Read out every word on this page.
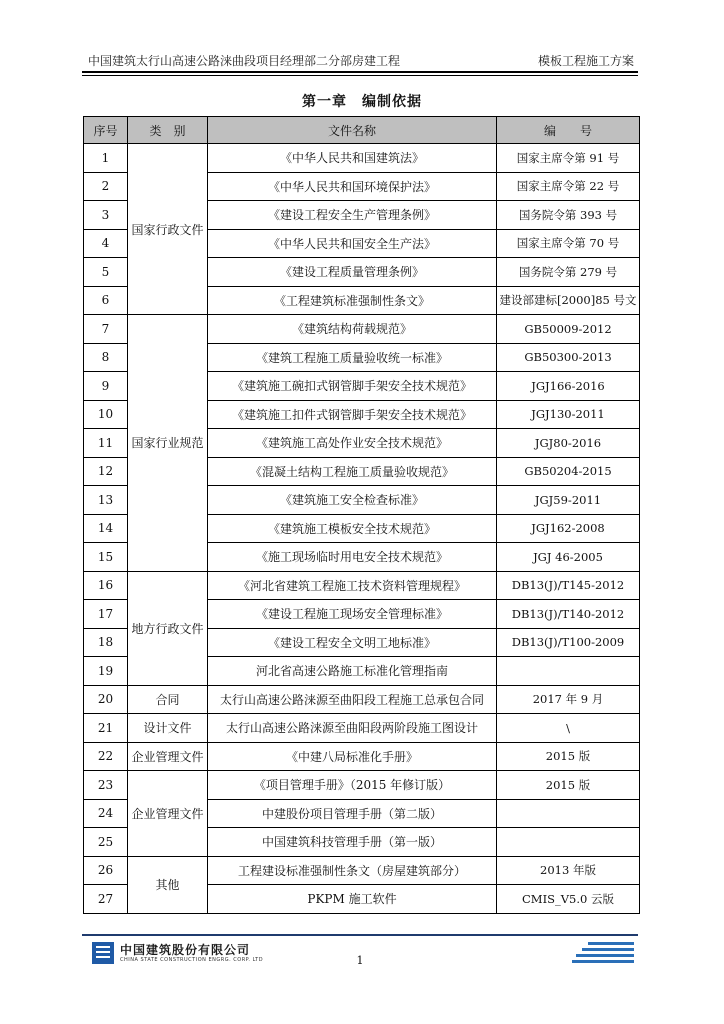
中国建筑太行山高速公路涞曲段项目经理部二分部房建工程	模板工程施工方案
第一章　编制依据
序号	类　别	文件名称	编　　号
1	国家行政文件	《中华人民共和国建筑法》	国家主席令第 91 号
2		《中华人民共和国环境保护法》	国家主席令第 22 号
3		《建设工程安全生产管理条例》	国务院令第 393 号
4		《中华人民共和国安全生产法》	国家主席令第 70 号
5		《建设工程质量管理条例》	国务院令第 279 号
6		《工程建筑标准强制性条文》	建设部建标[2000]85 号文
7	国家行业规范	《建筑结构荷载规范》	GB50009-2012
8		《建筑工程施工质量验收统一标准》	GB50300-2013
9		《建筑施工碗扣式钢管脚手架安全技术规范》	JGJ166-2016
10		《建筑施工扣件式钢管脚手架安全技术规范》	JGJ130-2011
11		《建筑施工高处作业安全技术规范》	JGJ80-2016
12		《混凝土结构工程施工质量验收规范》	GB50204-2015
13		《建筑施工安全检查标准》	JGJ59-2011
14		《建筑施工模板安全技术规范》	JGJ162-2008
15		《施工现场临时用电安全技术规范》	JGJ 46-2005
16	地方行政文件	《河北省建筑工程施工技术资料管理规程》	DB13(J)/T145-2012
17		《建设工程施工现场安全管理标准》	DB13(J)/T140-2012
18		《建设工程安全文明工地标准》	DB13(J)/T100-2009
19		河北省高速公路施工标准化管理指南	
20	合同	太行山高速公路涞源至曲阳段工程施工总承包合同	2017 年 9 月
21	设计文件	太行山高速公路涞源至曲阳段两阶段施工图设计	\
22	企业管理文件	《中建八局标准化手册》	2015 版
23	企业管理文件	《项目管理手册》（2015 年修订版）	2015 版
24		中建股份项目管理手册（第二版）	
25		中国建筑科技管理手册（第一版）	
26	其他	工程建设标准强制性条文（房屋建筑部分）	2013 年版
27		PKPM 施工软件	CMIS_V5.0 云版
中国建筑股份有限公司
CHINA STATE CONSTRUCTION ENGRG. CORP. LTD	1
